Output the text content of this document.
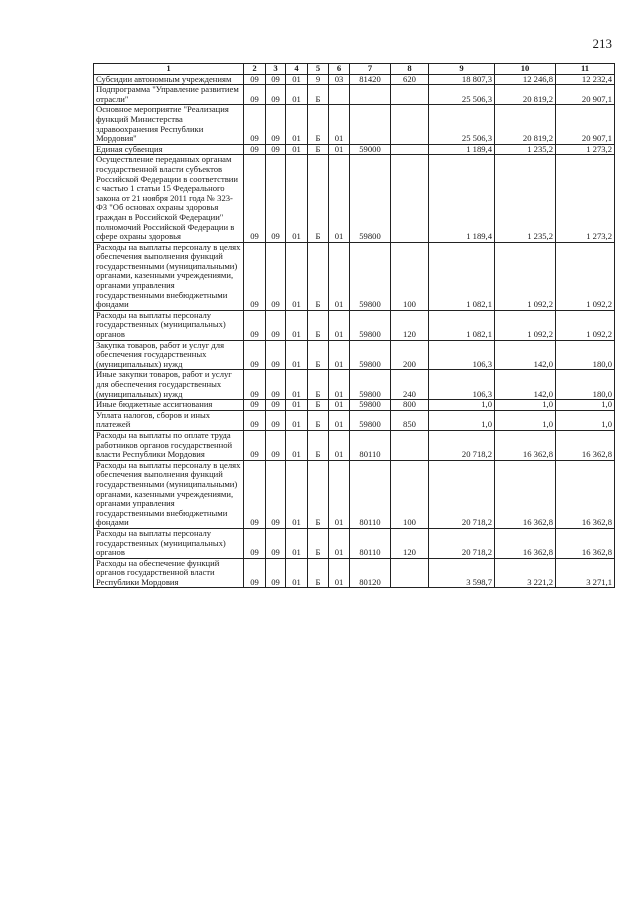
213
1	2	3	4	5	6	7	8	9	10	11
Субсидии автономным учреждениям	09	09	01	9	03	81420	620	18 807,3	12 246,8	12 232,4
Подпрограмма "Управление развитием отрасли"	09	09	01	Б				25 506,3	20 819,2	20 907,1
Основное мероприятие "Реализация функций Министерства здравоохранения Республики Мордовия"	09	09	01	Б	01			25 506,3	20 819,2	20 907,1
Единая субвенция	09	09	01	Б	01	59000		1 189,4	1 235,2	1 273,2
Осуществление переданных органам государственной власти субъектов Российской Федерации в соответствии с частью 1 статьи 15 Федерального закона от 21 ноября 2011 года № 323-ФЗ "Об основах охраны здоровья граждан в Российской Федерации" полномочий Российской Федерации в сфере охраны здоровья	09	09	01	Б	01	59800		1 189,4	1 235,2	1 273,2
Расходы на выплаты персоналу в целях обеспечения выполнения функций государственными (муниципальными) органами, казенными учреждениями, органами управления государственными внебюджетными фондами	09	09	01	Б	01	59800	100	1 082,1	1 092,2	1 092,2
Расходы на выплаты персоналу государственных (муниципальных) органов	09	09	01	Б	01	59800	120	1 082,1	1 092,2	1 092,2
Закупка товаров, работ и услуг для обеспечения государственных (муниципальных) нужд	09	09	01	Б	01	59800	200	106,3	142,0	180,0
Иные закупки товаров, работ и услуг для обеспечения государственных (муниципальных) нужд	09	09	01	Б	01	59800	240	106,3	142,0	180,0
Иные бюджетные ассигнования	09	09	01	Б	01	59800	800	1,0	1,0	1,0
Уплата налогов, сборов и иных платежей	09	09	01	Б	01	59800	850	1,0	1,0	1,0
Расходы на выплаты по оплате труда работников органов государственной власти Республики Мордовия	09	09	01	Б	01	80110		20 718,2	16 362,8	16 362,8
Расходы на выплаты персоналу в целях обеспечения выполнения функций государственными (муниципальными) органами, казенными учреждениями, органами управления государственными внебюджетными фондами	09	09	01	Б	01	80110	100	20 718,2	16 362,8	16 362,8
Расходы на выплаты персоналу государственных (муниципальных) органов	09	09	01	Б	01	80110	120	20 718,2	16 362,8	16 362,8
Расходы на обеспечение функций органов государственной власти Республики Мордовия	09	09	01	Б	01	80120		3 598,7	3 221,2	3 271,1
